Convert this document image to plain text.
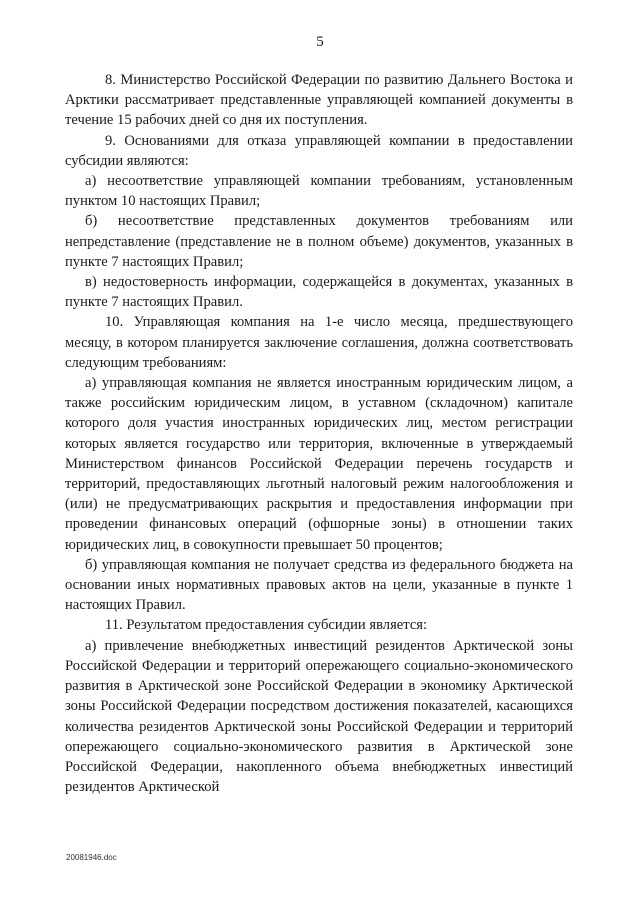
5

8. Министерство Российской Федерации по развитию Дальнего Востока и Арктики рассматривает представленные управляющей компанией документы в течение 15 рабочих дней со дня их поступления.

9. Основаниями для отказа управляющей компании в предоставлении субсидии являются:

а) несоответствие управляющей компании требованиям, установленным пунктом 10 настоящих Правил;

б) несоответствие представленных документов требованиям или непредставление (представление не в полном объеме) документов, указанных в пункте 7 настоящих Правил;

в) недостоверность информации, содержащейся в документах, указанных в пункте 7 настоящих Правил.

10. Управляющая компания на 1-е число месяца, предшествующего месяцу, в котором планируется заключение соглашения, должна соответствовать следующим требованиям:

а) управляющая компания не является иностранным юридическим лицом, а также российским юридическим лицом, в уставном (складочном) капитале которого доля участия иностранных юридических лиц, местом регистрации которых является государство или территория, включенные в утверждаемый Министерством финансов Российской Федерации перечень государств и территорий, предоставляющих льготный налоговый режим налогообложения и (или) не предусматривающих раскрытия и предоставления информации при проведении финансовых операций (офшорные зоны) в отношении таких юридических лиц, в совокупности превышает 50 процентов;

б) управляющая компания не получает средства из федерального бюджета на основании иных нормативных правовых актов на цели, указанные в пункте 1 настоящих Правил.

11. Результатом предоставления субсидии является:

а) привлечение внебюджетных инвестиций резидентов Арктической зоны Российской Федерации и территорий опережающего социально-экономического развития в Арктической зоне Российской Федерации в экономику Арктической зоны Российской Федерации посредством достижения показателей, касающихся количества резидентов Арктической зоны Российской Федерации и территорий опережающего социально-экономического развития в Арктической зоне Российской Федерации, накопленного объема внебюджетных инвестиций резидентов Арктической

20081946.doc
